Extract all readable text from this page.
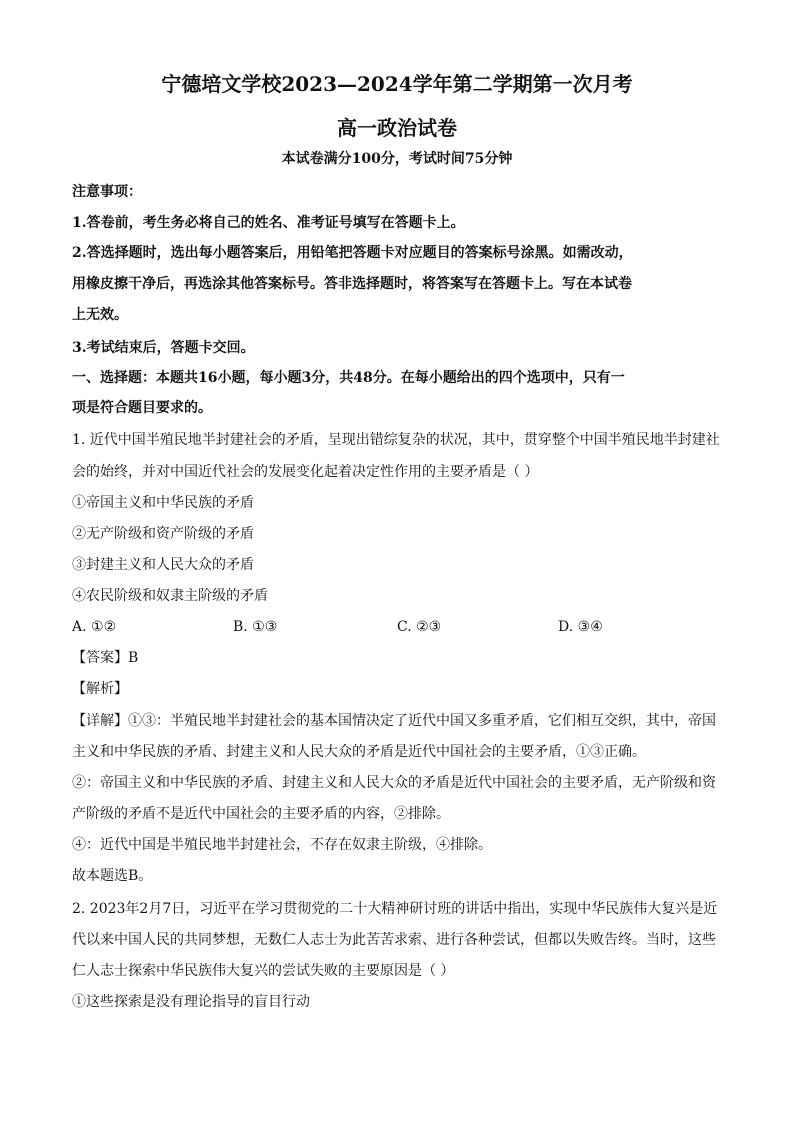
宁德培文学校2023—2024学年第二学期第一次月考
高一政治试卷
本试卷满分100分，考试时间75分钟
注意事项：
1.答卷前，考生务必将自己的姓名、准考证号填写在答题卡上。
2.答选择题时，选出每小题答案后，用铅笔把答题卡对应题目的答案标号涂黑。如需改动，
用橡皮擦干净后，再选涂其他答案标号。答非选择题时，将答案写在答题卡上。写在本试卷
上无效。
3.考试结束后，答题卡交回。
一、选择题：本题共16小题，每小题3分，共48分。在每小题给出的四个选项中，只有一
项是符合题目要求的。
1. 近代中国半殖民地半封建社会的矛盾，呈现出错综复杂的状况，其中，贯穿整个中国半殖民地半封建社
会的始终，并对中国近代社会的发展变化起着决定性作用的主要矛盾是（ ）
①帝国主义和中华民族的矛盾
②无产阶级和资产阶级的矛盾
③封建主义和人民大众的矛盾
④农民阶级和奴隶主阶级的矛盾
A . ①②	B . ①③	C . ②③	D . ③④
【答案】B
【解析】
【详解】①③：半殖民地半封建社会的基本国情决定了近代中国又多重矛盾，它们相互交织，其中，帝国
主义和中华民族的矛盾、封建主义和人民大众的矛盾是近代中国社会的主要矛盾，①③正确。
②：帝国主义和中华民族的矛盾、封建主义和人民大众的矛盾是近代中国社会的主要矛盾，无产阶级和资
产阶级的矛盾不是近代中国社会的主要矛盾的内容，②排除。
④：近代中国是半殖民地半封建社会，不存在奴隶主阶级，④排除。
故本题选B。
2. 2023年2月7日，习近平在学习贯彻党的二十大精神研讨班的讲话中指出，实现中华民族伟大复兴是近
代以来中国人民的共同梦想，无数仁人志士为此苦苦求索、进行各种尝试，但都以失败告终。当时，这些
仁人志士探索中华民族伟大复兴的尝试失败的主要原因是（ ）
①这些探索是没有理论指导的盲目行动
